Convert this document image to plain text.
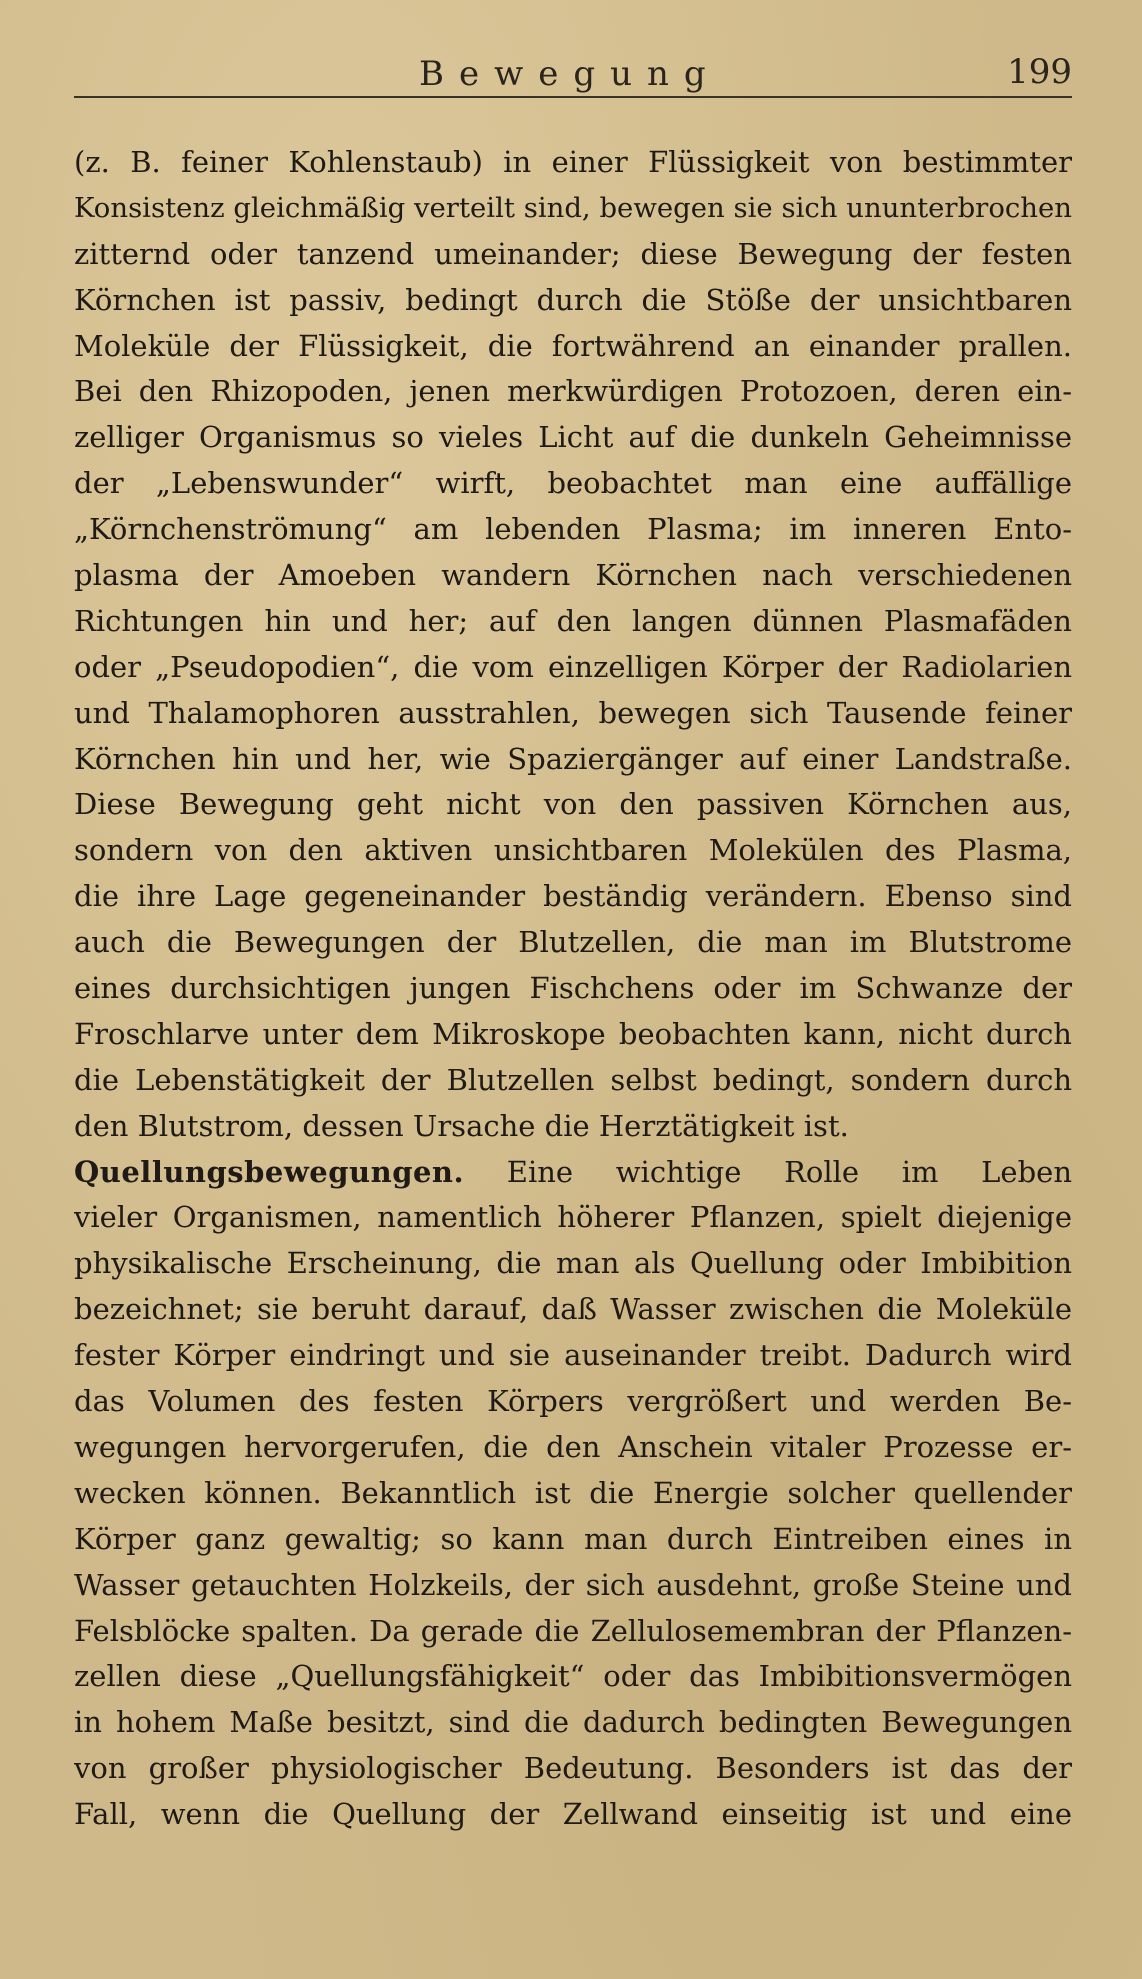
Bewegung	199
(z. B. feiner Kohlenstaub) in einer Flüssigkeit von bestimmter
Konsistenz gleichmäßig verteilt sind, bewegen sie sich ununterbrochen
zitternd oder tanzend umeinander; diese Bewegung der festen
Körnchen ist passiv, bedingt durch die Stöße der unsichtbaren
Moleküle der Flüssigkeit, die fortwährend an einander prallen.
Bei den Rhizopoden, jenen merkwürdigen Protozoen, deren ein-
zelliger Organismus so vieles Licht auf die dunkeln Geheimnisse
der „Lebenswunder“ wirft, beobachtet man eine auffällige
„Körnchenströmung“ am lebenden Plasma; im inneren Ento-
plasma der Amoeben wandern Körnchen nach verschiedenen
Richtungen hin und her; auf den langen dünnen Plasmafäden
oder „Pseudopodien“, die vom einzelligen Körper der Radiolarien
und Thalamophoren ausstrahlen, bewegen sich Tausende feiner
Körnchen hin und her, wie Spaziergänger auf einer Landstraße.
Diese Bewegung geht nicht von den passiven Körnchen aus,
sondern von den aktiven unsichtbaren Molekülen des Plasma,
die ihre Lage gegeneinander beständig verändern. Ebenso sind
auch die Bewegungen der Blutzellen, die man im Blutstrome
eines durchsichtigen jungen Fischchens oder im Schwanze der
Froschlarve unter dem Mikroskope beobachten kann, nicht durch
die Lebenstätigkeit der Blutzellen selbst bedingt, sondern durch
den Blutstrom, dessen Ursache die Herztätigkeit ist.
Quellungsbewegungen. Eine wichtige Rolle im Leben
vieler Organismen, namentlich höherer Pflanzen, spielt diejenige
physikalische Erscheinung, die man als Quellung oder Imbibition
bezeichnet; sie beruht darauf, daß Wasser zwischen die Moleküle
fester Körper eindringt und sie auseinander treibt. Dadurch wird
das Volumen des festen Körpers vergrößert und werden Be-
wegungen hervorgerufen, die den Anschein vitaler Prozesse er-
wecken können. Bekanntlich ist die Energie solcher quellender
Körper ganz gewaltig; so kann man durch Eintreiben eines in
Wasser getauchten Holzkeils, der sich ausdehnt, große Steine und
Felsblöcke spalten. Da gerade die Zellulosemembran der Pflanzen-
zellen diese „Quellungsfähigkeit“ oder das Imbibitionsvermögen
in hohem Maße besitzt, sind die dadurch bedingten Bewegungen
von großer physiologischer Bedeutung. Besonders ist das der
Fall, wenn die Quellung der Zellwand einseitig ist und eine
